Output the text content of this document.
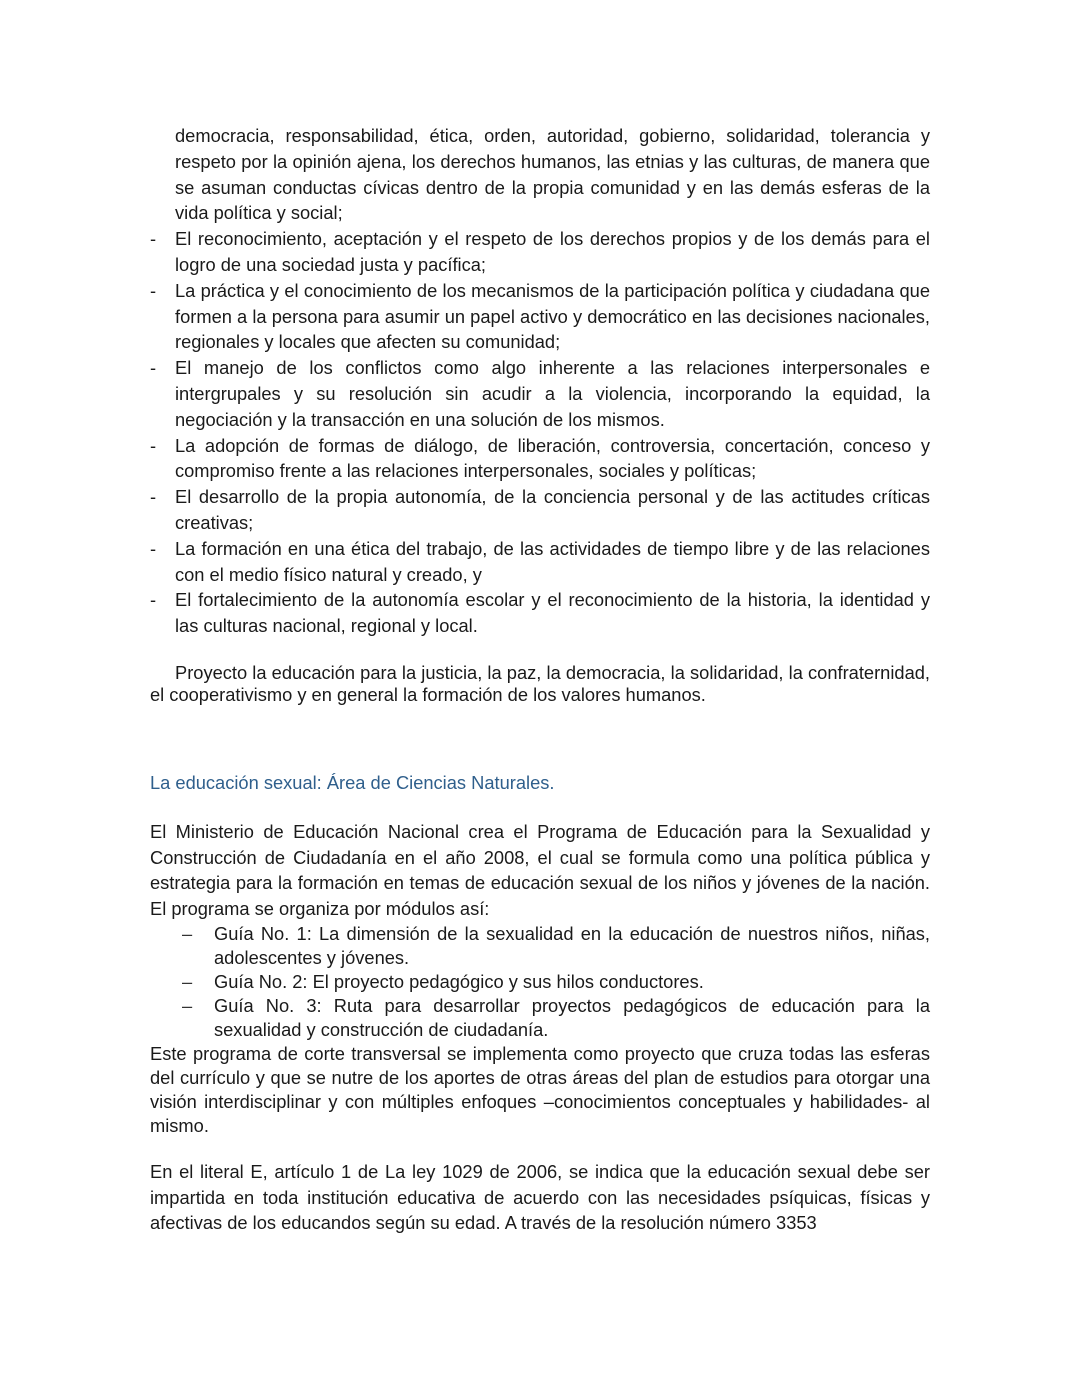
democracia, responsabilidad, ética, orden, autoridad, gobierno, solidaridad, tolerancia y respeto por la opinión ajena, los derechos humanos, las etnias y las culturas, de manera que se asuman conductas cívicas dentro de la propia comunidad y en las demás esferas de la vida política y social;

- El reconocimiento, aceptación y el respeto de los derechos propios y de los demás para el logro de una sociedad justa y pacífica;
- La práctica y el conocimiento de los mecanismos de la participación política y ciudadana que formen a la persona para asumir un papel activo y democrático en las decisiones nacionales, regionales y locales que afecten su comunidad;
- El manejo de los conflictos como algo inherente a las relaciones interpersonales e intergrupales y su resolución sin acudir a la violencia, incorporando la equidad, la negociación y la transacción en una solución de los mismos.
- La adopción de formas de diálogo, de liberación, controversia, concertación, conceso y compromiso frente a las relaciones interpersonales, sociales y políticas;
- El desarrollo de la propia autonomía, de la conciencia personal y de las actitudes críticas creativas;
- La formación en una ética del trabajo, de las actividades de tiempo libre y de las relaciones con el medio físico natural y creado, y
- El fortalecimiento de la autonomía escolar y el reconocimiento de la historia, la identidad y las culturas nacional, regional y local.

Proyecto la educación para la justicia, la paz, la democracia, la solidaridad, la confraternidad, el cooperativismo y en general la formación de los valores humanos.

La educación sexual: Área de Ciencias Naturales.

El Ministerio de Educación Nacional crea el Programa de Educación para la Sexualidad y Construcción de Ciudadanía en el año 2008, el cual se formula como una política pública y estrategia para la formación en temas de educación sexual de los niños y jóvenes de la nación. El programa se organiza por módulos así:

– Guía No. 1: La dimensión de la sexualidad en la educación de nuestros niños, niñas, adolescentes y jóvenes.
– Guía No. 2: El proyecto pedagógico y sus hilos conductores.
– Guía No. 3: Ruta para desarrollar proyectos pedagógicos de educación para la sexualidad y construcción de ciudadanía.

Este programa de corte transversal se implementa como proyecto que cruza todas las esferas del currículo y que se nutre de los aportes de otras áreas del plan de estudios para otorgar una visión interdisciplinar y con múltiples enfoques –conocimientos conceptuales y habilidades- al mismo.

En el literal E, artículo 1 de La ley 1029 de 2006, se indica que la educación sexual debe ser impartida en toda institución educativa de acuerdo con las necesidades psíquicas, físicas y afectivas de los educandos según su edad. A través de la resolución número 3353
